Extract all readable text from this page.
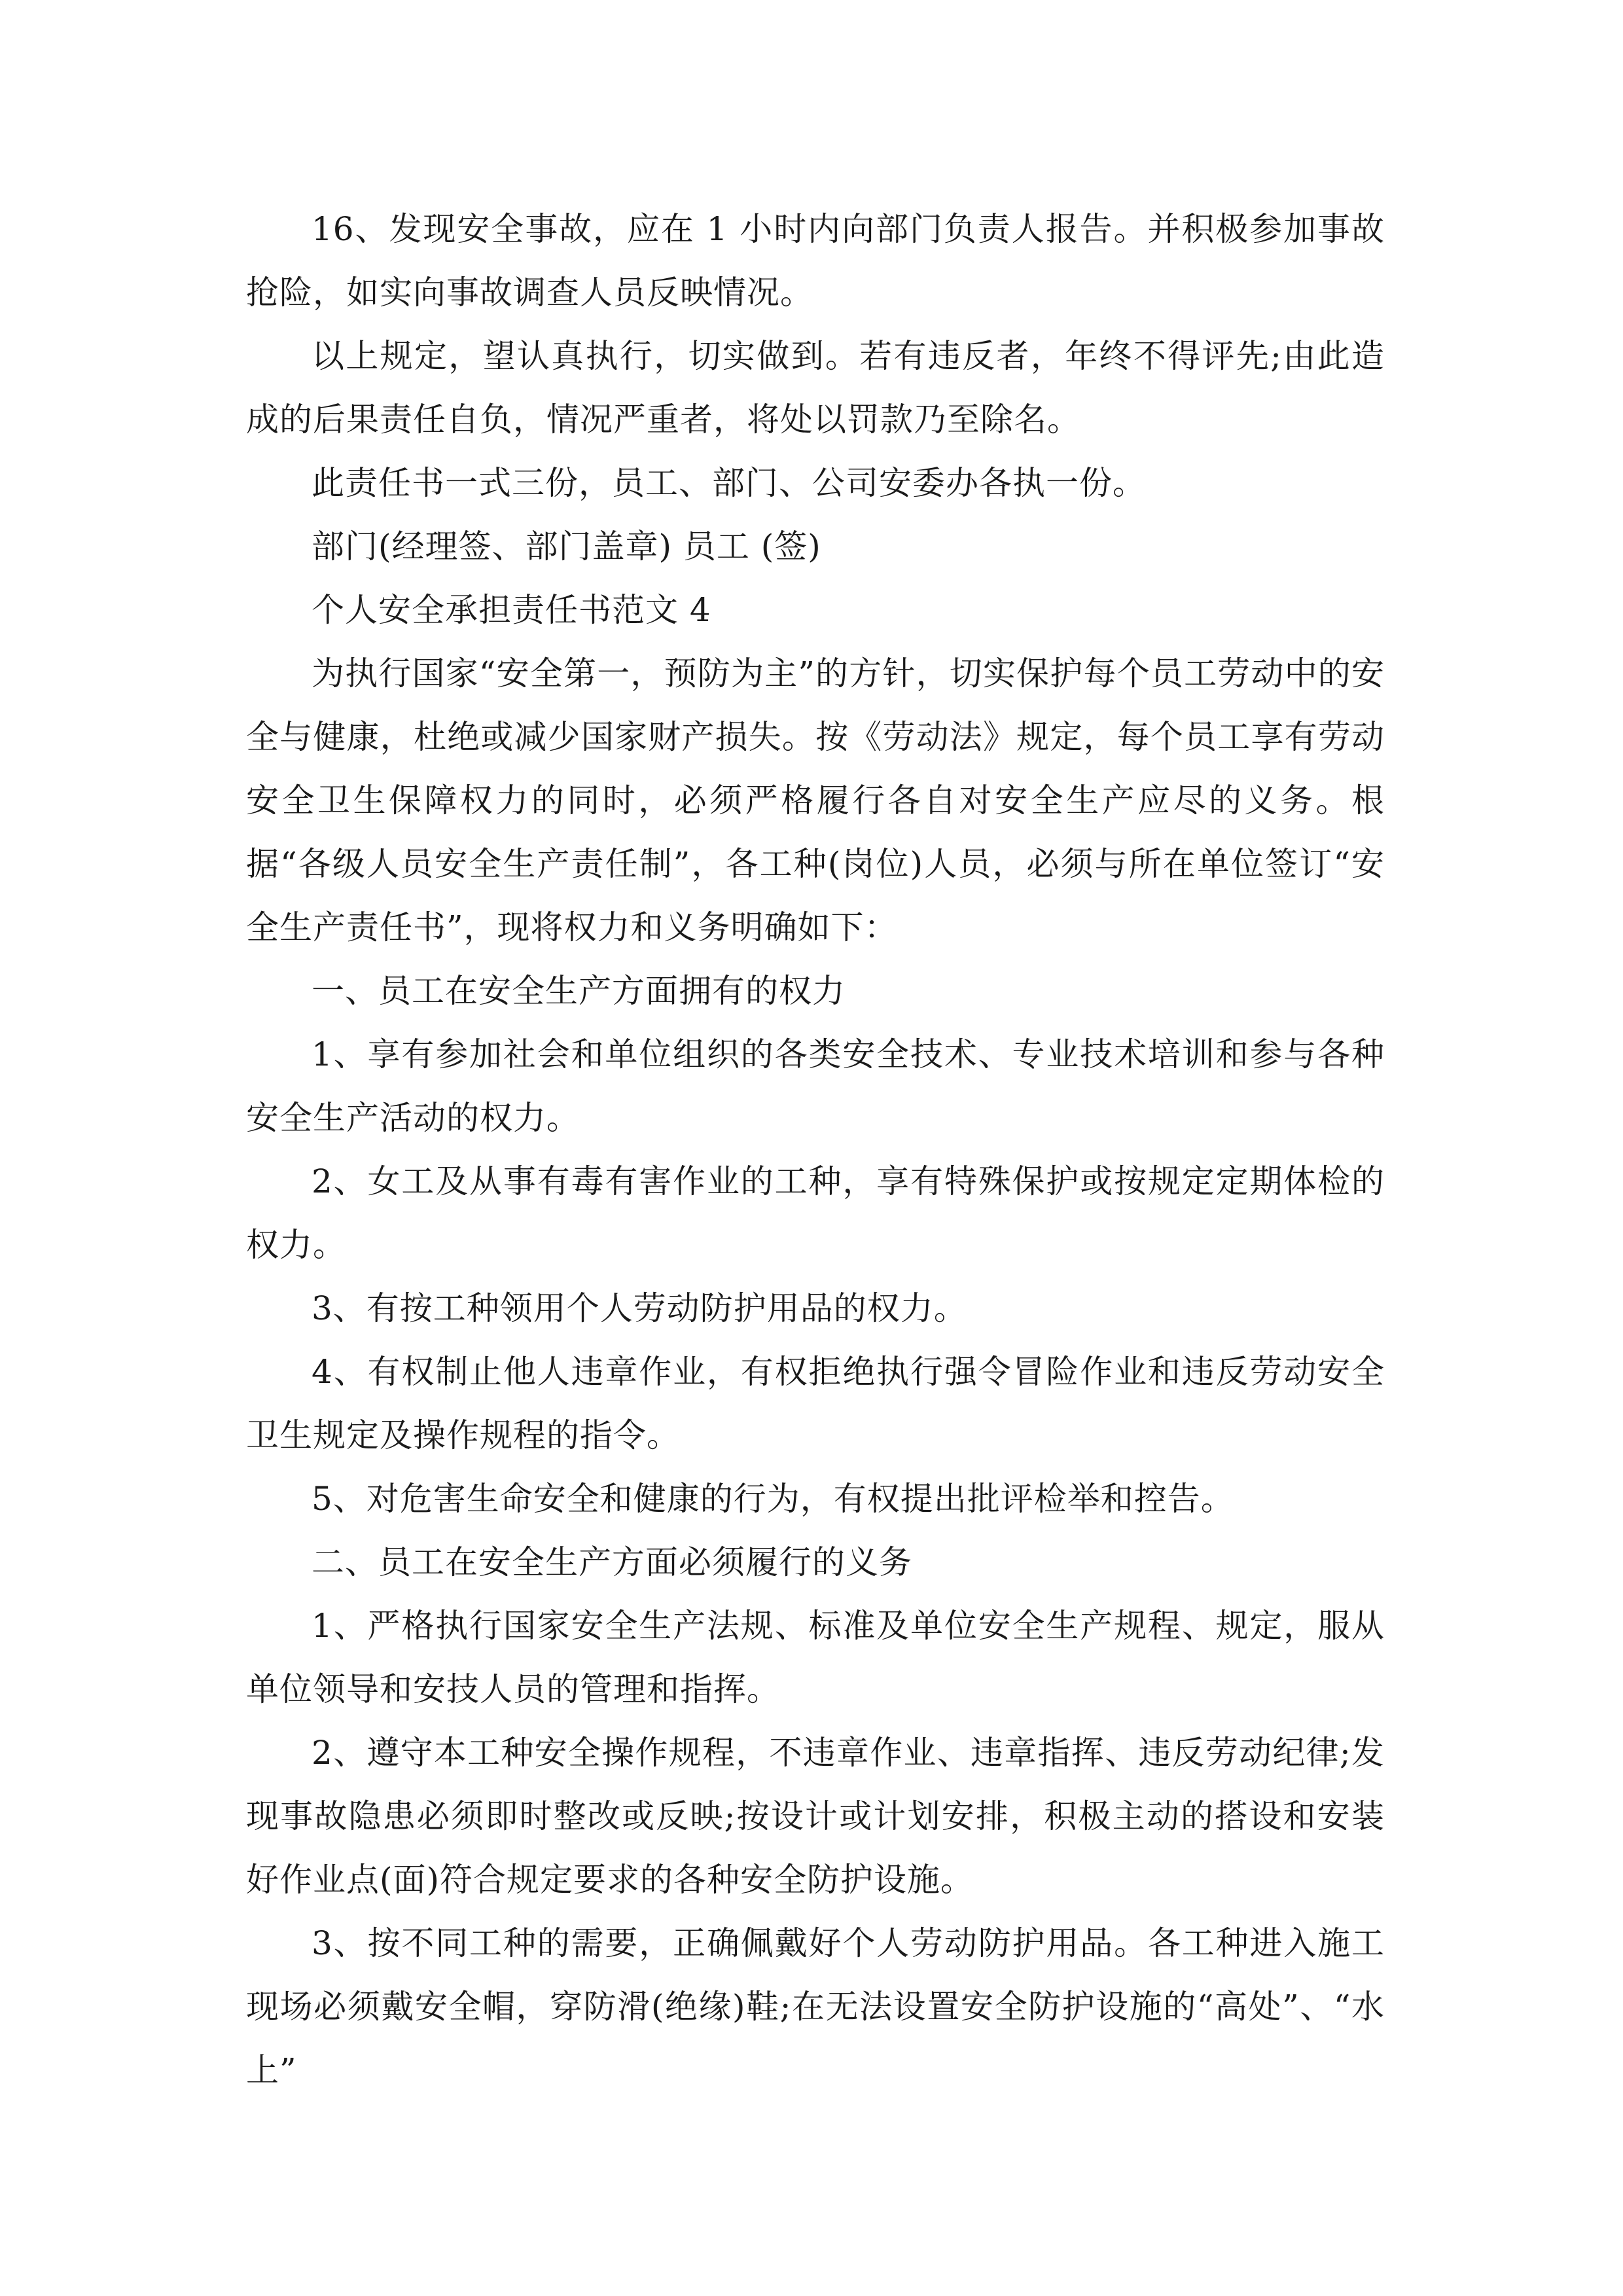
16、发现安全事故，应在 1 小时内向部门负责人报告。并积极参加事故抢险，如实向事故调查人员反映情况。

以上规定，望认真执行，切实做到。若有违反者，年终不得评先;由此造成的后果责任自负，情况严重者，将处以罚款乃至除名。

此责任书一式三份，员工、部门、公司安委办各执一份。

部门(经理签、部门盖章) 员工 (签)

个人安全承担责任书范文 4

为执行国家“安全第一，预防为主”的方针，切实保护每个员工劳动中的安全与健康，杜绝或减少国家财产损失。按《劳动法》规定，每个员工享有劳动安全卫生保障权力的同时，必须严格履行各自对安全生产应尽的义务。根据“各级人员安全生产责任制”，各工种(岗位)人员，必须与所在单位签订“安全生产责任书”，现将权力和义务明确如下：

一、员工在安全生产方面拥有的权力

1、享有参加社会和单位组织的各类安全技术、专业技术培训和参与各种安全生产活动的权力。

2、女工及从事有毒有害作业的工种，享有特殊保护或按规定定期体检的权力。

3、有按工种领用个人劳动防护用品的权力。

4、有权制止他人违章作业，有权拒绝执行强令冒险作业和违反劳动安全卫生规定及操作规程的指令。

5、对危害生命安全和健康的行为，有权提出批评检举和控告。

二、员工在安全生产方面必须履行的义务

1、严格执行国家安全生产法规、标准及单位安全生产规程、规定，服从单位领导和安技人员的管理和指挥。

2、遵守本工种安全操作规程，不违章作业、违章指挥、违反劳动纪律;发现事故隐患必须即时整改或反映;按设计或计划安排，积极主动的搭设和安装好作业点(面)符合规定要求的各种安全防护设施。

3、按不同工种的需要，正确佩戴好个人劳动防护用品。各工种进入施工现场必须戴安全帽，穿防滑(绝缘)鞋;在无法设置安全防护设施的“高处”、“水上”
